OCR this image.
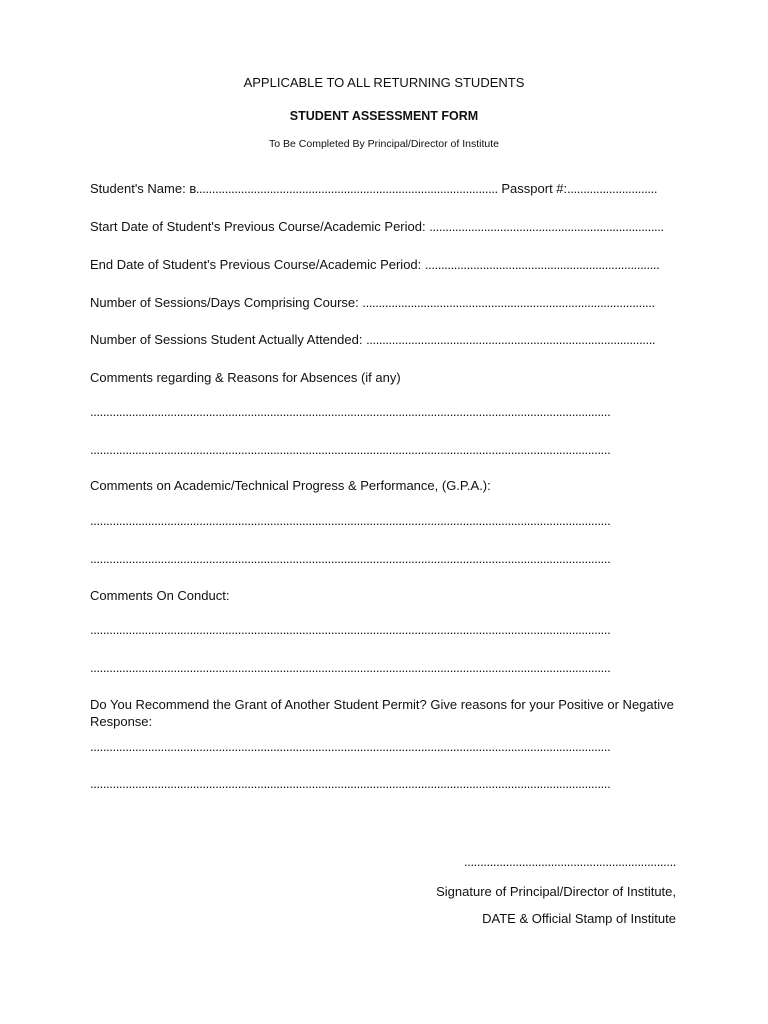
APPLICABLE TO ALL RETURNING STUDENTS
STUDENT ASSESSMENT FORM
To Be Completed By Principal/Director of Institute
Student's Name: в.............................................................................................. Passport #:............................
Start Date of Student's Previous Course/Academic Period: .........................................................................
End Date of Student's Previous Course/Academic Period: .........................................................................
Number of Sessions/Days Comprising Course: ...........................................................................................
Number of Sessions Student Actually Attended: ..........................................................................................
Comments regarding & Reasons for Absences (if any)
..................................................................................................................................................................
..................................................................................................................................................................
Comments on Academic/Technical Progress & Performance, (G.P.A.):
..................................................................................................................................................................
..................................................................................................................................................................
Comments On Conduct:
..................................................................................................................................................................
..................................................................................................................................................................
Do You Recommend the Grant of Another Student Permit? Give reasons for your Positive or Negative Response:
..................................................................................................................................................................
..................................................................................................................................................................
..................................................................
Signature of Principal/Director of Institute,
DATE & Official Stamp of Institute
